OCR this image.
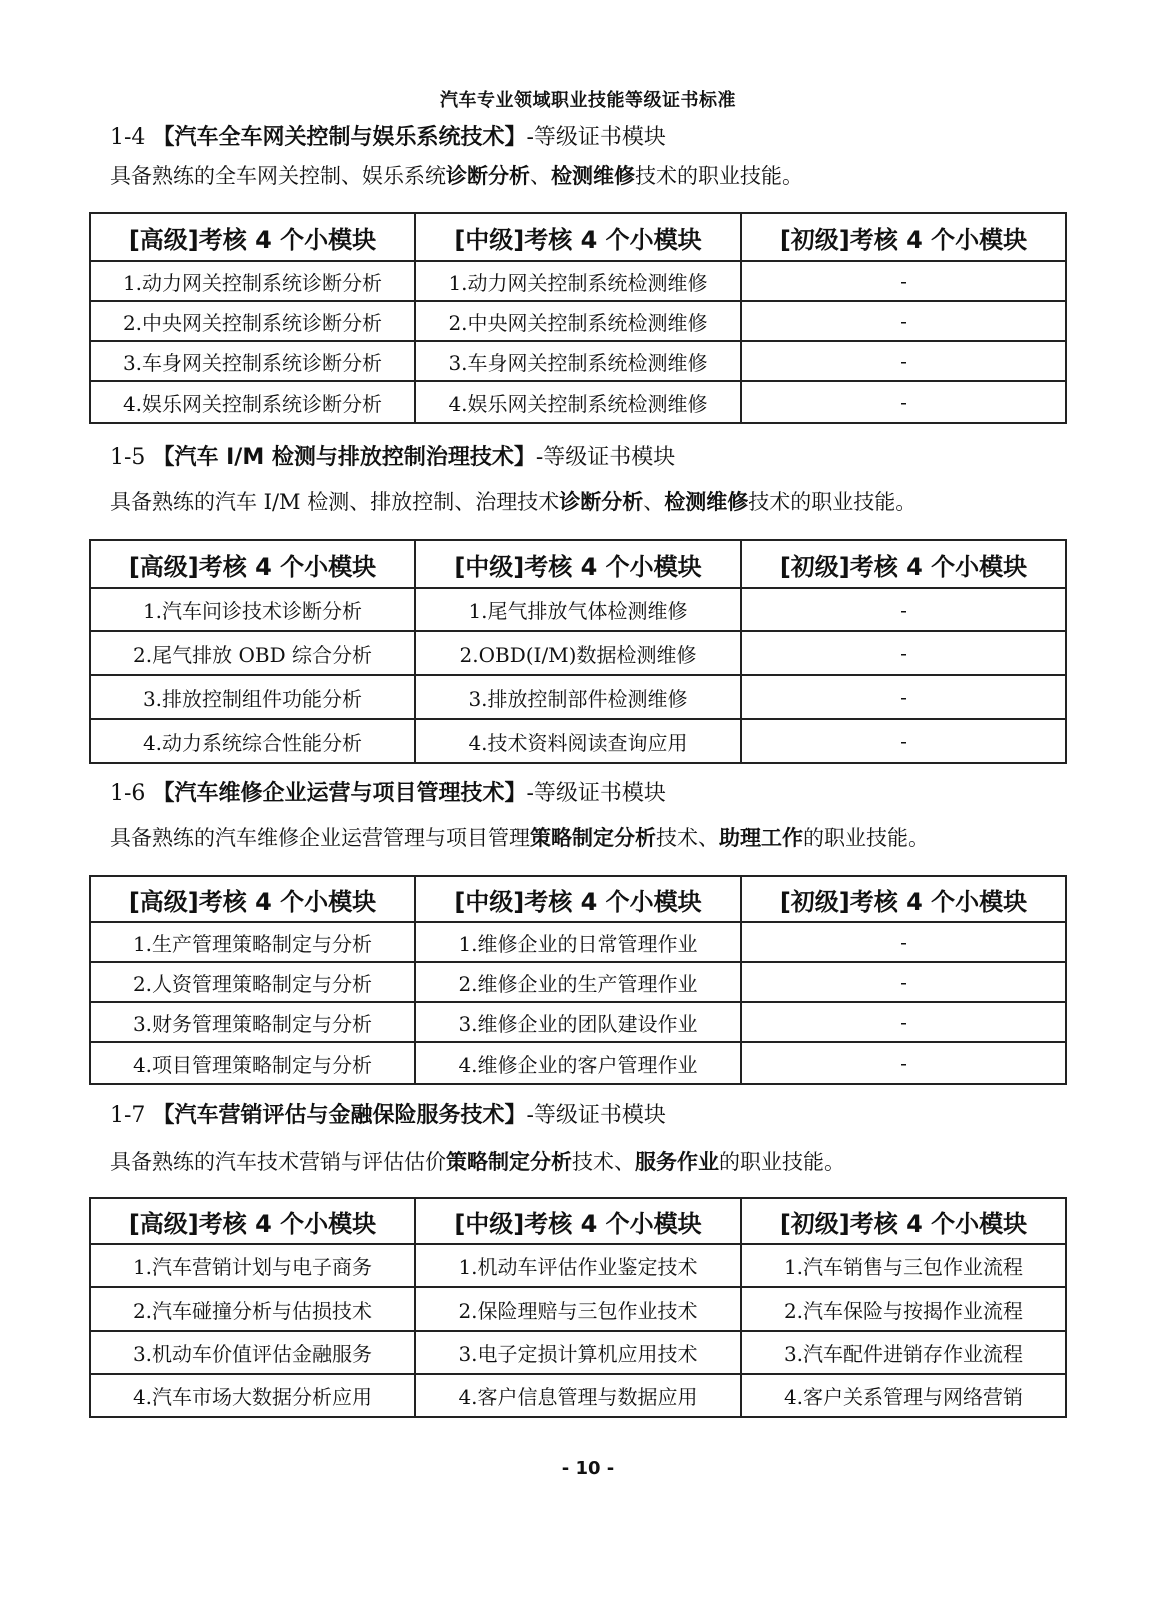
汽车专业领域职业技能等级证书标准
1-4 【汽车全车网关控制与娱乐系统技术】-等级证书模块
具备熟练的全车网关控制、娱乐系统诊断分析、检测维修技术的职业技能。
[高级]考核 4 个小模块	[中级]考核 4 个小模块	[初级]考核 4 个小模块
1.动力网关控制系统诊断分析	1.动力网关控制系统检测维修	-
2.中央网关控制系统诊断分析	2.中央网关控制系统检测维修	-
3.车身网关控制系统诊断分析	3.车身网关控制系统检测维修	-
4.娱乐网关控制系统诊断分析	4.娱乐网关控制系统检测维修	-
1-5 【汽车 I/M 检测与排放控制治理技术】-等级证书模块
具备熟练的汽车 I/M 检测、排放控制、治理技术诊断分析、检测维修技术的职业技能。
[高级]考核 4 个小模块	[中级]考核 4 个小模块	[初级]考核 4 个小模块
1.汽车问诊技术诊断分析	1.尾气排放气体检测维修	-
2.尾气排放 OBD 综合分析	2.OBD(I/M)数据检测维修	-
3.排放控制组件功能分析	3.排放控制部件检测维修	-
4.动力系统综合性能分析	4.技术资料阅读查询应用	-
1-6 【汽车维修企业运营与项目管理技术】-等级证书模块
具备熟练的汽车维修企业运营管理与项目管理策略制定分析技术、助理工作的职业技能。
[高级]考核 4 个小模块	[中级]考核 4 个小模块	[初级]考核 4 个小模块
1.生产管理策略制定与分析	1.维修企业的日常管理作业	-
2.人资管理策略制定与分析	2.维修企业的生产管理作业	-
3.财务管理策略制定与分析	3.维修企业的团队建设作业	-
4.项目管理策略制定与分析	4.维修企业的客户管理作业	-
1-7 【汽车营销评估与金融保险服务技术】-等级证书模块
具备熟练的汽车技术营销与评估估价策略制定分析技术、服务作业的职业技能。
[高级]考核 4 个小模块	[中级]考核 4 个小模块	[初级]考核 4 个小模块
1.汽车营销计划与电子商务	1.机动车评估作业鉴定技术	1.汽车销售与三包作业流程
2.汽车碰撞分析与估损技术	2.保险理赔与三包作业技术	2.汽车保险与按揭作业流程
3.机动车价值评估金融服务	3.电子定损计算机应用技术	3.汽车配件进销存作业流程
4.汽车市场大数据分析应用	4.客户信息管理与数据应用	4.客户关系管理与网络营销
- 10 -
